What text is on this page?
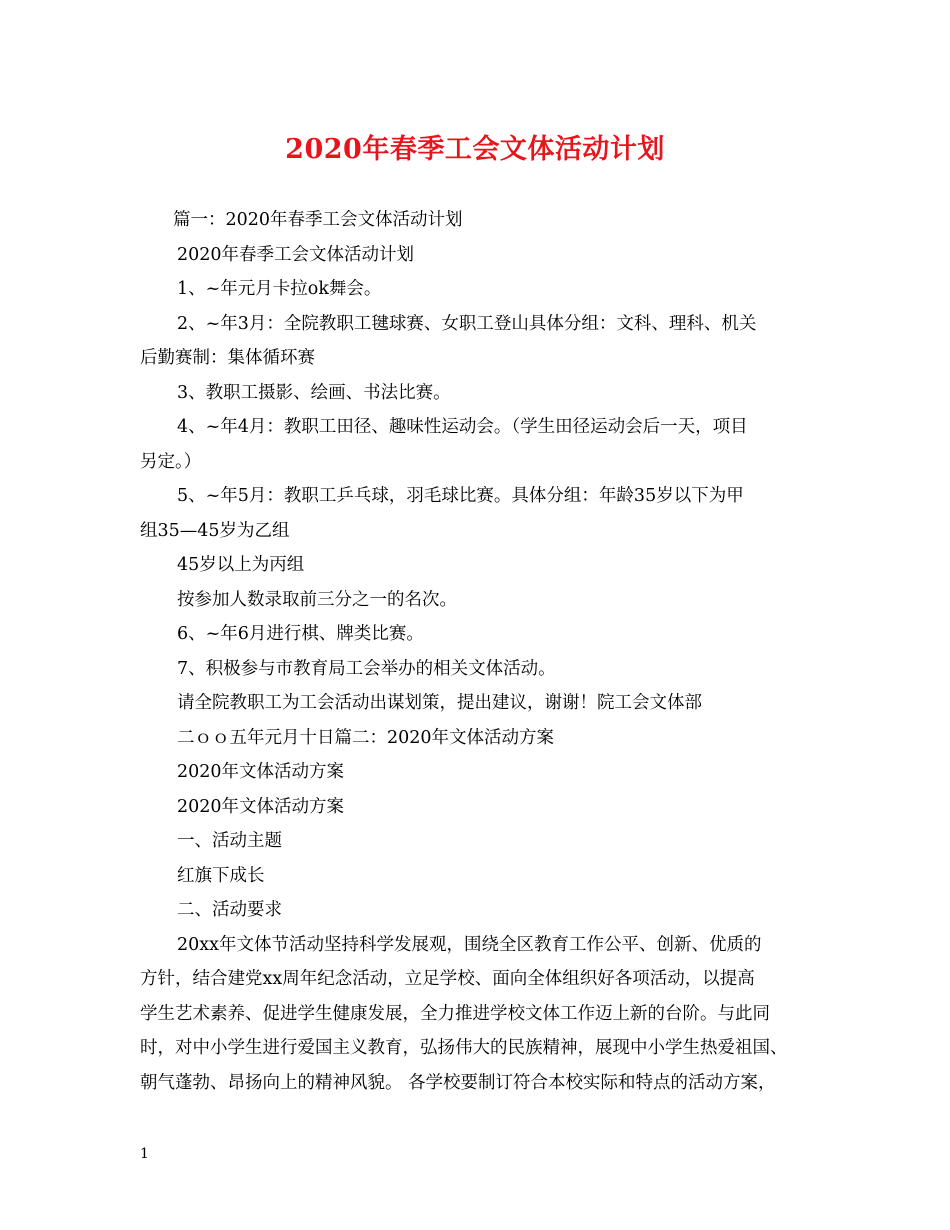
2020年春季工会文体活动计划
篇一：2020年春季工会文体活动计划
2020年春季工会文体活动计划
1、~年元月卡拉ok舞会。
2、~年3月：全院教职工毽球赛、女职工登山具体分组：文科、理科、机关
后勤赛制：集体循环赛
3、教职工摄影、绘画、书法比赛。
4、~年4月：教职工田径、趣味性运动会。（学生田径运动会后一天，项目
另定。）
5、~年5月：教职工乒乓球，羽毛球比赛。具体分组：年龄35岁以下为甲
组35—45岁为乙组
45岁以上为丙组
按参加人数录取前三分之一的名次。
6、~年6月进行棋、牌类比赛。
7、积极参与市教育局工会举办的相关文体活动。
请全院教职工为工会活动出谋划策，提出建议，谢谢！院工会文体部
二ｏｏ五年元月十日篇二：2020年文体活动方案
2020年文体活动方案
2020年文体活动方案
一、活动主题
红旗下成长
二、活动要求
20xx年文体节活动坚持科学发展观，围绕全区教育工作公平、创新、优质的
方针，结合建党xx周年纪念活动，立足学校、面向全体组织好各项活动，以提高
学生艺术素养、促进学生健康发展，全力推进学校文体工作迈上新的台阶。与此同
时，对中小学生进行爱国主义教育，弘扬伟大的民族精神，展现中小学生热爱祖国、
朝气蓬勃、昂扬向上的精神风貌。 各学校要制订符合本校实际和特点的活动方案，
1
